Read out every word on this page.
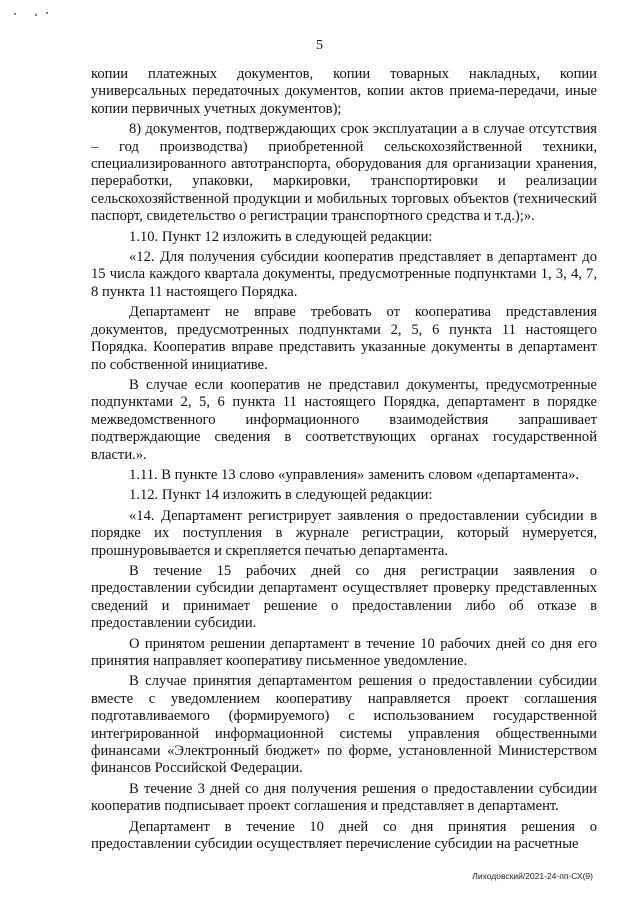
5

копии платежных документов, копии товарных накладных, копии универсальных передаточных документов, копии актов приема-передачи, иные копии первичных учетных документов);

8) документов, подтверждающих срок эксплуатации а в случае отсутствия – год производства) приобретенной сельскохозяйственной техники, специализированного автотранспорта, оборудования для организации хранения, переработки, упаковки, маркировки, транспортировки и реализации сельскохозяйственной продукции и мобильных торговых объектов (технический паспорт, свидетельство о регистрации транспортного средства и т.д.);».

1.10. Пункт 12 изложить в следующей редакции:

«12. Для получения субсидии кооператив представляет в департамент до 15 числа каждого квартала документы, предусмотренные подпунктами 1, 3, 4, 7, 8 пункта 11 настоящего Порядка.

Департамент не вправе требовать от кооператива представления документов, предусмотренных подпунктами 2, 5, 6 пункта 11 настоящего Порядка. Кооператив вправе представить указанные документы в департамент по собственной инициативе.

В случае если кооператив не представил документы, предусмотренные подпунктами 2, 5, 6 пункта 11 настоящего Порядка, департамент в порядке межведомственного информационного взаимодействия запрашивает подтверждающие сведения в соответствующих органах государственной власти.».

1.11. В пункте 13 слово «управления» заменить словом «департамента».

1.12. Пункт 14 изложить в следующей редакции:

«14. Департамент регистрирует заявления о предоставлении субсидии в порядке их поступления в журнале регистрации, который нумеруется, прошнуровывается и скрепляется печатью департамента.

В течение 15 рабочих дней со дня регистрации заявления о предоставлении субсидии департамент осуществляет проверку представленных сведений и принимает решение о предоставлении либо об отказе в предоставлении субсидии.

О принятом решении департамент в течение 10 рабочих дней со дня его принятия направляет кооперативу письменное уведомление.

В случае принятия департаментом решения о предоставлении субсидии вместе с уведомлением кооперативу направляется проект соглашения подготавливаемого (формируемого) с использованием государственной интегрированной информационной системы управления общественными финансами «Электронный бюджет» по форме, установленной Министерством финансов Российской Федерации.

В течение 3 дней со дня получения решения о предоставлении субсидии кооператив подписывает проект соглашения и представляет в департамент.

Департамент в течение 10 дней со дня принятия решения о предоставлении субсидии осуществляет перечисление субсидии на расчетные

Лиходовский/2021-24-пп-СХ(9)
